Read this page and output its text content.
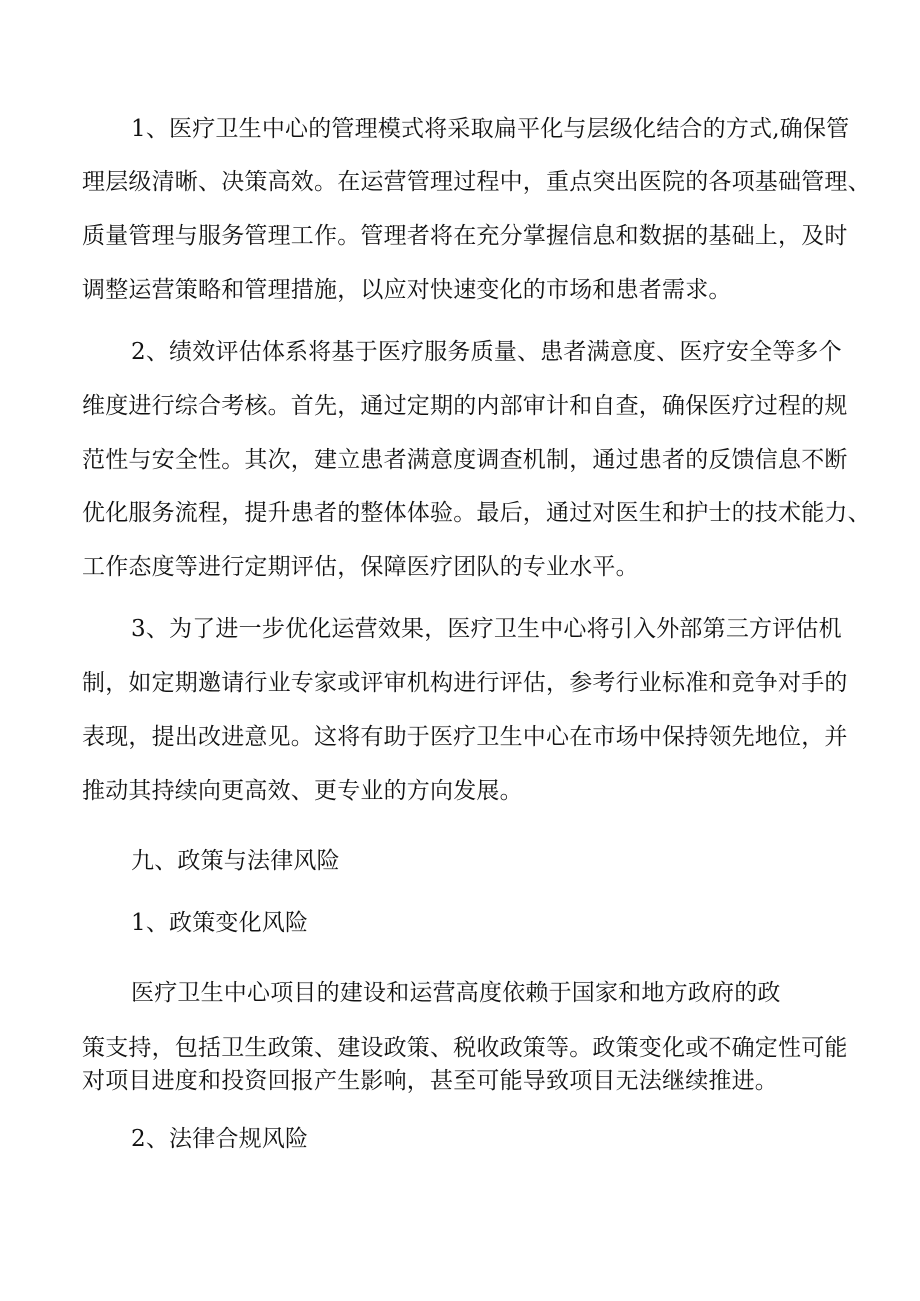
1、医疗卫生中心的管理模式将采取扁平化与层级化结合的方式,确保管
理层级清晰、决策高效。在运营管理过程中，重点突出医院的各项基础管理、
质量管理与服务管理工作。管理者将在充分掌握信息和数据的基础上，及时
调整运营策略和管理措施，以应对快速变化的市场和患者需求。
2、绩效评估体系将基于医疗服务质量、患者满意度、医疗安全等多个
维度进行综合考核。首先，通过定期的内部审计和自查，确保医疗过程的规
范性与安全性。其次，建立患者满意度调查机制，通过患者的反馈信息不断
优化服务流程，提升患者的整体体验。最后，通过对医生和护士的技术能力、
工作态度等进行定期评估，保障医疗团队的专业水平。
3、为了进一步优化运营效果，医疗卫生中心将引入外部第三方评估机
制，如定期邀请行业专家或评审机构进行评估，参考行业标准和竞争对手的
表现，提出改进意见。这将有助于医疗卫生中心在市场中保持领先地位，并
推动其持续向更高效、更专业的方向发展。
九、政策与法律风险
1、政策变化风险
医疗卫生中心项目的建设和运营高度依赖于国家和地方政府的政
策支持，包括卫生政策、建设政策、税收政策等。政策变化或不确定性可能
对项目进度和投资回报产生影响，甚至可能导致项目无法继续推进。
2、法律合规风险
